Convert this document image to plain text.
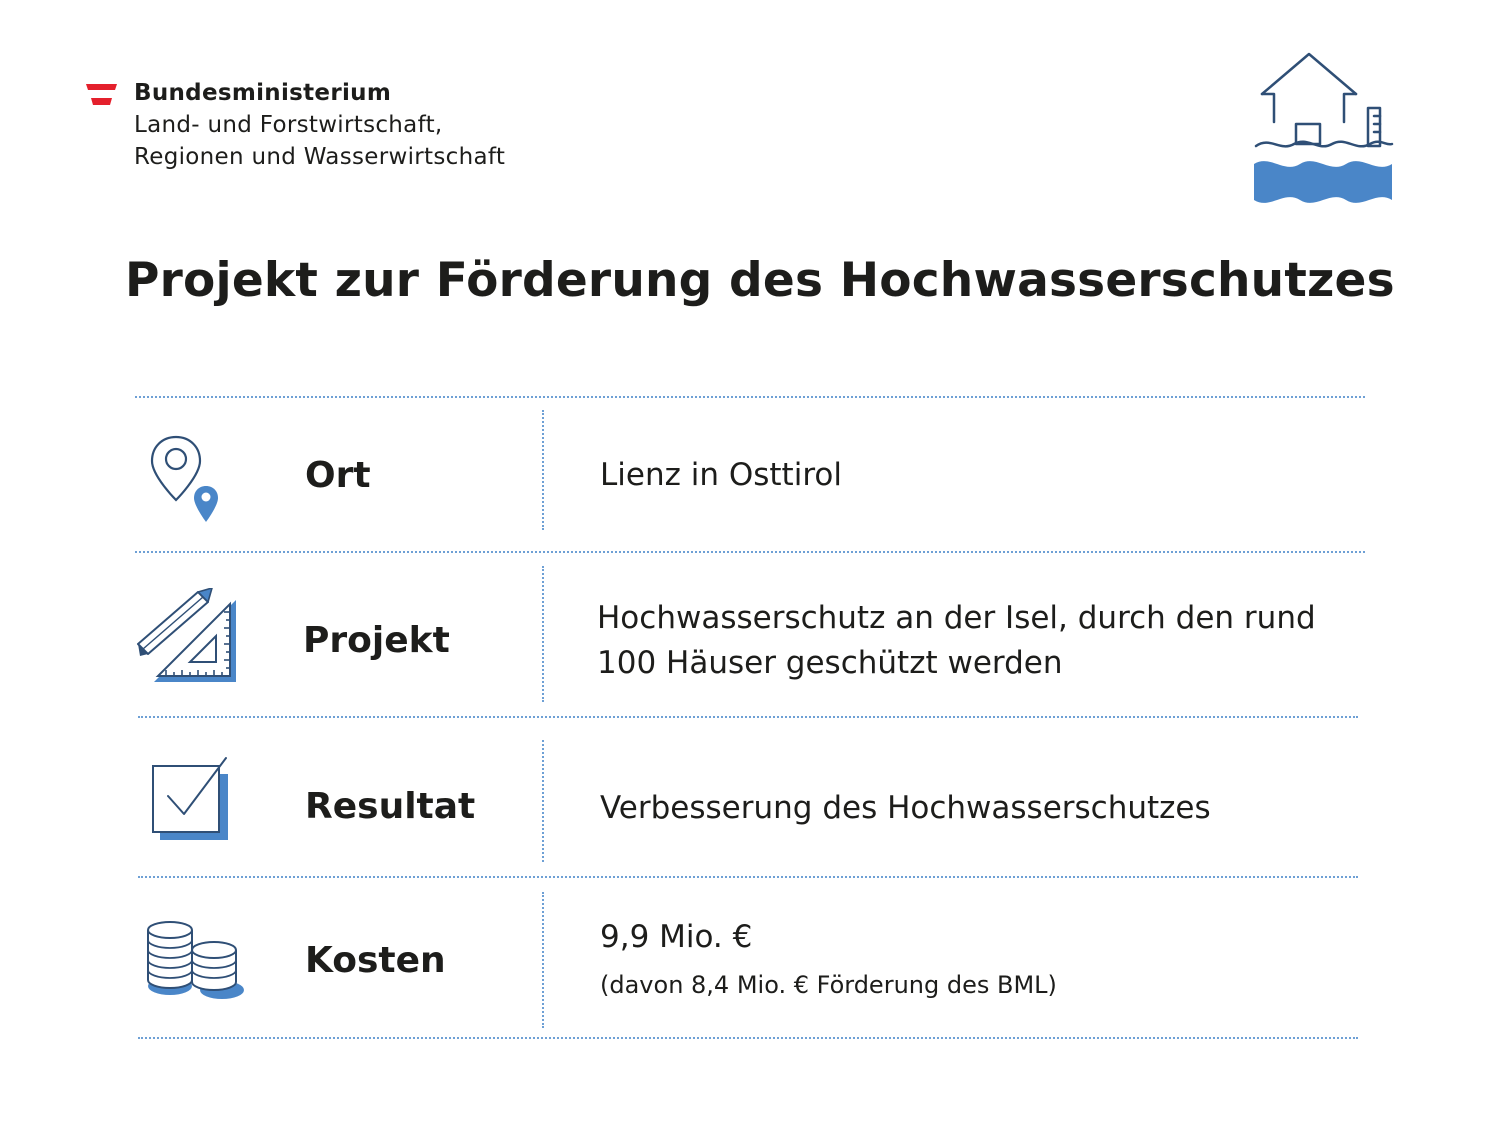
Bundesministerium
Land- und Forstwirtschaft,
Regionen und Wasserwirtschaft
Projekt zur Förderung des Hochwasserschutzes
Ort	Lienz in Osttirol
Projekt
Hochwasserschutz an der Isel, durch den rund
100 Häuser geschützt werden
Resultat	Verbesserung des Hochwasserschutzes
Kosten
9,9 Mio. €
(davon 8,4 Mio. € Förderung des BML)
